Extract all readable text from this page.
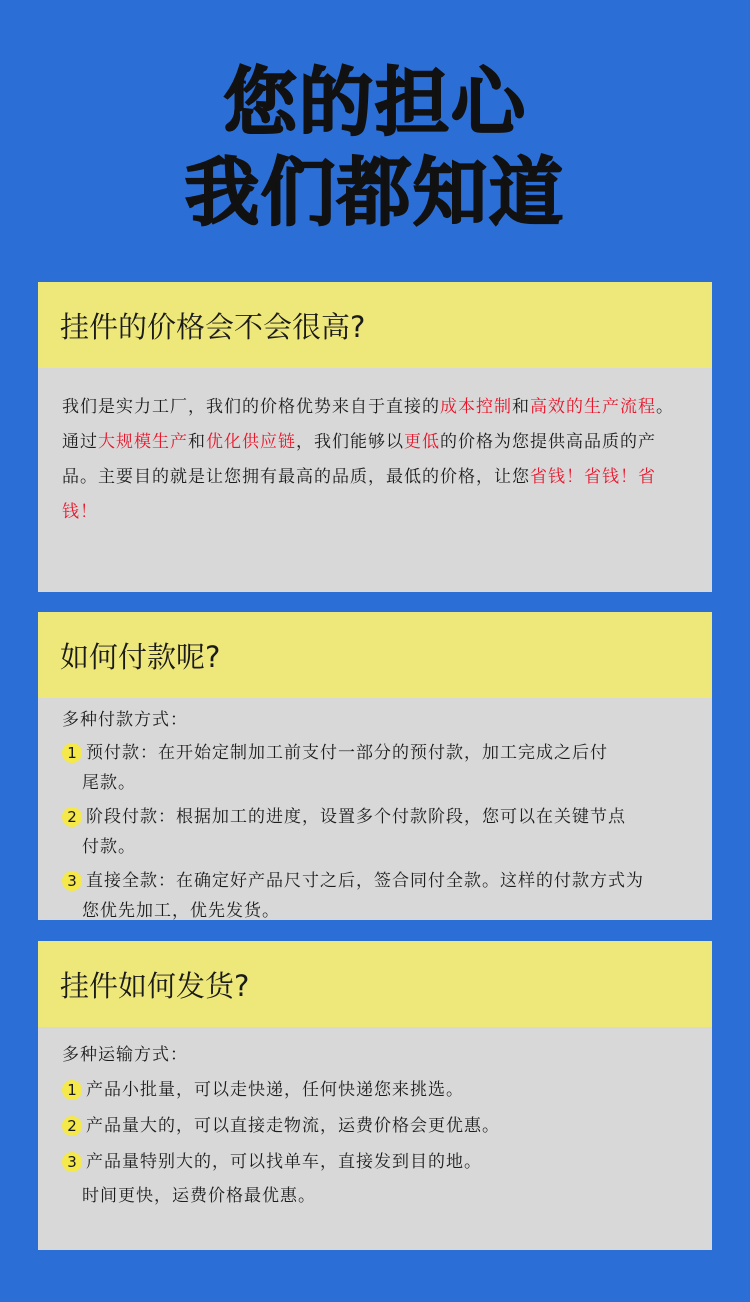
您的担心
我们都知道
挂件的价格会不会很高?
我们是实力工厂，我们的价格优势来自于直接的成本控制和高效的生产流程。通过大规模生产和优化供应链，我们能够以更低的价格为您提供高品质的产品。主要目的就是让您拥有最高的品质，最低的价格，让您省钱！省钱！省钱！
如何付款呢?
多种付款方式：
1 预付款：在开始定制加工前支付一部分的预付款，加工完成之后付
尾款。
2 阶段付款：根据加工的进度，设置多个付款阶段，您可以在关键节点
付款。
3 直接全款：在确定好产品尺寸之后，签合同付全款。这样的付款方式为
您优先加工，优先发货。
挂件如何发货?
多种运输方式：
1 产品小批量，可以走快递，任何快递您来挑选。
2 产品量大的，可以直接走物流，运费价格会更优惠。
3 产品量特别大的，可以找单车，直接发到目的地。
时间更快，运费价格最优惠。
